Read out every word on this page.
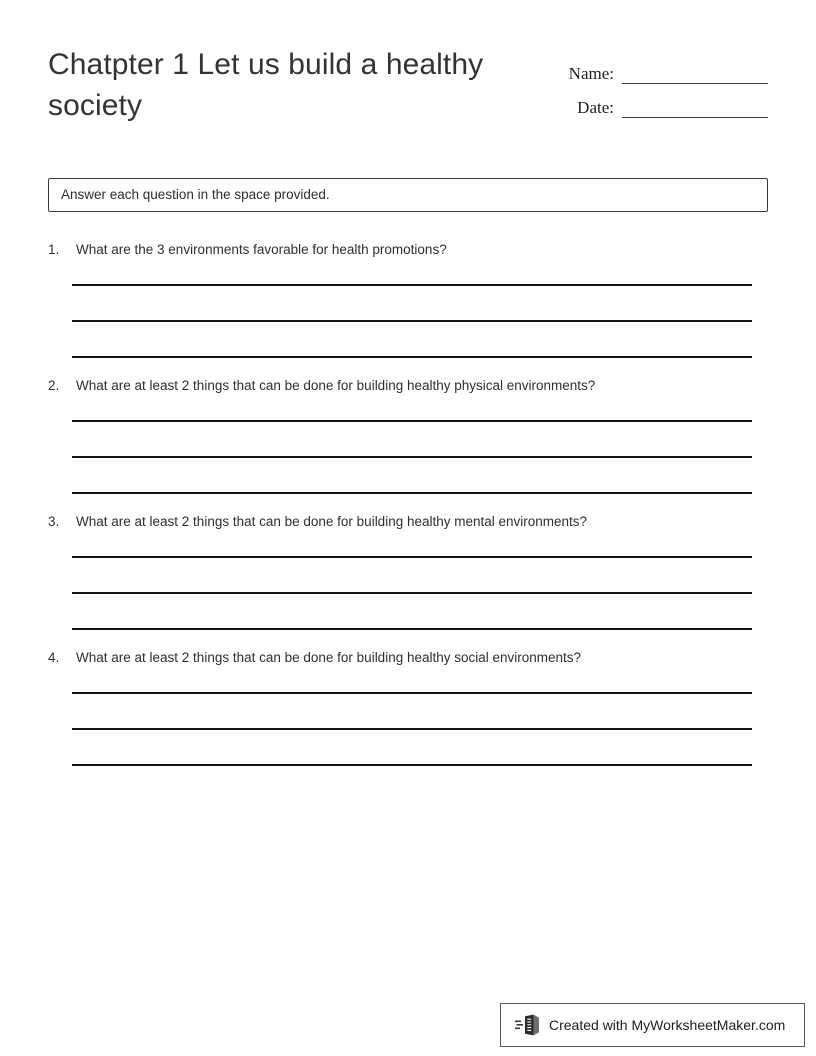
Chatpter 1 Let us build a healthy society
Name:
Date:
Answer each question in the space provided.
1.	What are the 3 environments favorable for health promotions?
2.	What are at least 2 things that can be done for building healthy physical environments?
3.	What are at least 2 things that can be done for building healthy mental environments?
4.	What are at least 2 things that can be done for building healthy social environments?
Created with MyWorksheetMaker.com
